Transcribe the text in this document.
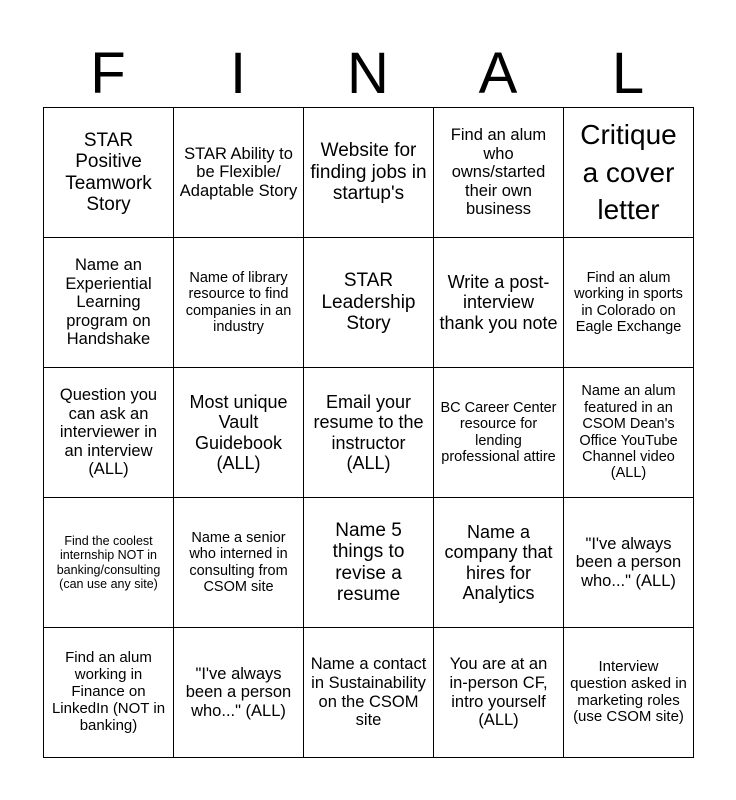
F	I	N	A	L
STAR Positive Teamwork Story	STAR Ability to be Flexible/ Adaptable Story	Website for finding jobs in startup's	Find an alum who owns/started their own business	Critique a cover letter
Name an Experiential Learning program on Handshake	Name of library resource to find companies in an industry	STAR Leadership Story	Write a post-interview thank you note	Find an alum working in sports in Colorado on Eagle Exchange
Question you can ask an interviewer in an interview (ALL)	Most unique Vault Guidebook (ALL)	Email your resume to the instructor (ALL)	BC Career Center resource for lending professional attire	Name an alum featured in an CSOM Dean's Office YouTube Channel video (ALL)
Find the coolest internship NOT in banking/consulting (can use any site)	Name a senior who interned in consulting from CSOM site	Name 5 things to revise a resume	Name a company that hires for Analytics	"I've always been a person who..." (ALL)
Find an alum working in Finance on LinkedIn (NOT in banking)	"I've always been a person who..." (ALL)	Name a contact in Sustainability on the CSOM site	You are at an in-person CF, intro yourself (ALL)	Interview question asked in marketing roles (use CSOM site)
